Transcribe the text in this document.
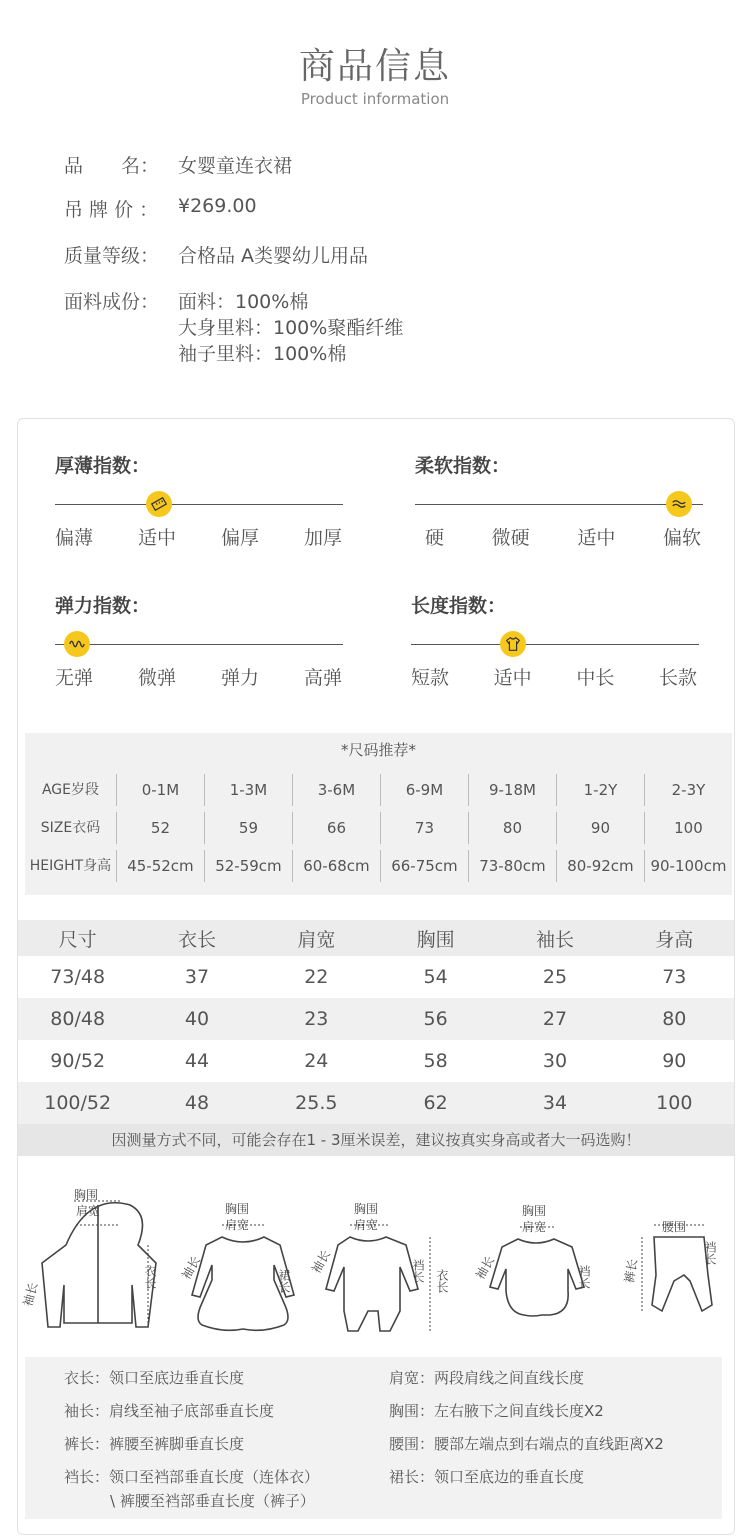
商品信息
Product information
品　　名： 女婴童连衣裙
吊 牌 价 ： ¥269.00
质量等级： 合格品 A类婴幼儿用品
面料成份： 面料：100%棉
大身里料：100%聚酯纤维
袖子里料：100%棉
厚薄指数：
偏薄 适中 偏厚 加厚
柔软指数：
硬	微硬	适中	偏软
弹力指数：
无弹 微弹 弹力 高弹
长度指数：
短款 适中 中长 长款
*尺码推荐*
AGE岁段	0-1M	1-3M	3-6M	6-9M	9-18M	1-2Y	2-3Y
SIZE衣码	52	59	66	73	80	90	100
HEIGHT身高	45-52cm	52-59cm	60-68cm	66-75cm	73-80cm	80-92cm	90-100cm
尺寸	衣长	肩宽	胸围	袖长	身高
73/48	37	22	54	25	73
80/48	40	23	56	27	80
90/52	44	24	58	30	90
100/52	48	25.5	62	34	100
因测量方式不同，可能会存在1 - 3厘米误差，建议按真实身高或者大一码选购！
胸围
肩宽
袖长
衣长
胸围
肩宽
袖长	裙长
胸围
肩宽
袖长	裆长 衣长
胸围
肩宽
袖长	裆长
腰围
裤长
裆长
衣长：领口至底边垂直长度
袖长：肩线至袖子底部垂直长度
裤长：裤腰至裤脚垂直长度
裆长：领口至裆部垂直长度（连体衣）
\ 裤腰至裆部垂直长度（裤子）
肩宽：两段肩线之间直线长度
胸围：左右腋下之间直线长度X2
腰围：腰部左端点到右端点的直线距离X2
裙长：领口至底边的垂直长度
